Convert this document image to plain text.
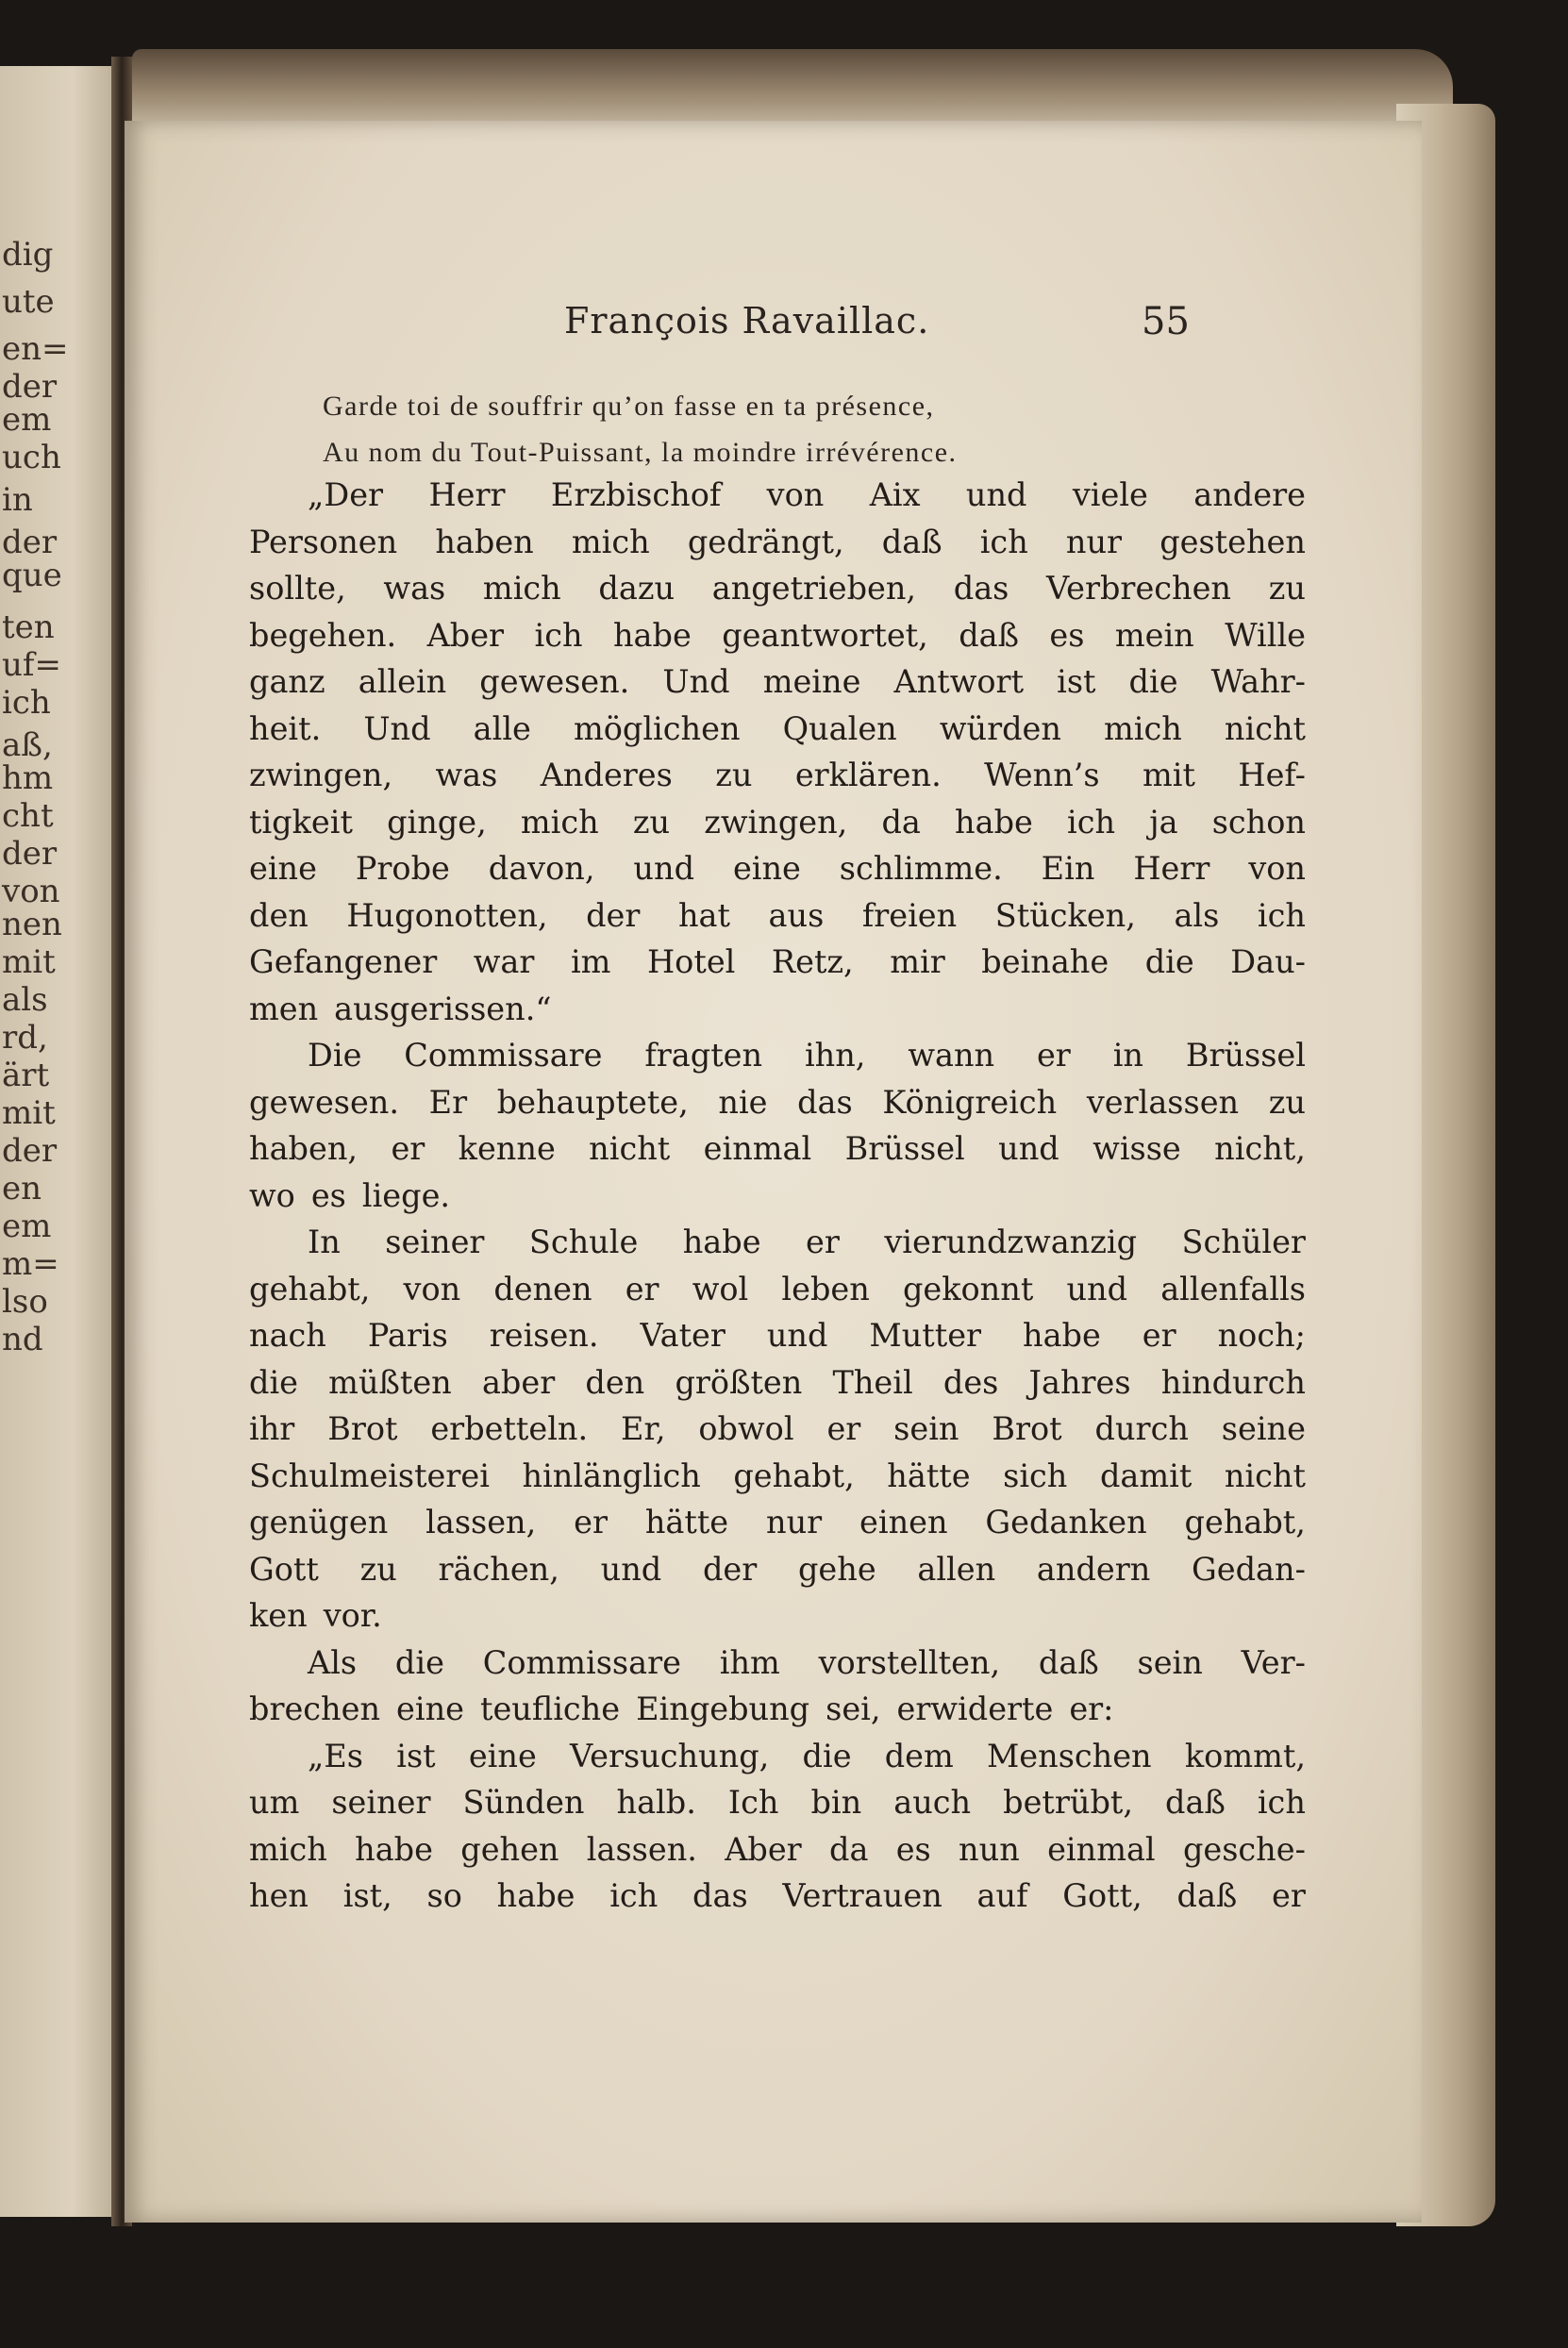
dig
ute
en=
der
em
uch
in
der
que
ten
uf=
ich
aß,
hm
cht
der
von
nen
mit
als
rd,
ärt
mit
der
en
em
m=
lso
nd
François Ravaillac.	55
Garde toi de souffrir qu’on fasse en ta présence,
Au nom du Tout-Puissant, la moindre irrévérence.
„Der Herr Erzbischof von Aix und viele andere
Personen haben mich gedrängt, daß ich nur gestehen
sollte, was mich dazu angetrieben, das Verbrechen zu
begehen. Aber ich habe geantwortet, daß es mein Wille
ganz allein gewesen. Und meine Antwort ist die Wahr-
heit. Und alle möglichen Qualen würden mich nicht
zwingen, was Anderes zu erklären. Wenn’s mit Hef-
tigkeit ginge, mich zu zwingen, da habe ich ja schon
eine Probe davon, und eine schlimme. Ein Herr von
den Hugonotten, der hat aus freien Stücken, als ich
Gefangener war im Hotel Retz, mir beinahe die Dau-
men ausgerissen.“
Die Commissare fragten ihn, wann er in Brüssel
gewesen. Er behauptete, nie das Königreich verlassen zu
haben, er kenne nicht einmal Brüssel und wisse nicht,
wo es liege.
In seiner Schule habe er vierundzwanzig Schüler
gehabt, von denen er wol leben gekonnt und allenfalls
nach Paris reisen. Vater und Mutter habe er noch;
die müßten aber den größten Theil des Jahres hindurch
ihr Brot erbetteln. Er, obwol er sein Brot durch seine
Schulmeisterei hinlänglich gehabt, hätte sich damit nicht
genügen lassen, er hätte nur einen Gedanken gehabt,
Gott zu rächen, und der gehe allen andern Gedan-
ken vor.
Als die Commissare ihm vorstellten, daß sein Ver-
brechen eine teufliche Eingebung sei, erwiderte er:
„Es ist eine Versuchung, die dem Menschen kommt,
um seiner Sünden halb. Ich bin auch betrübt, daß ich
mich habe gehen lassen. Aber da es nun einmal gesche-
hen ist, so habe ich das Vertrauen auf Gott, daß er
